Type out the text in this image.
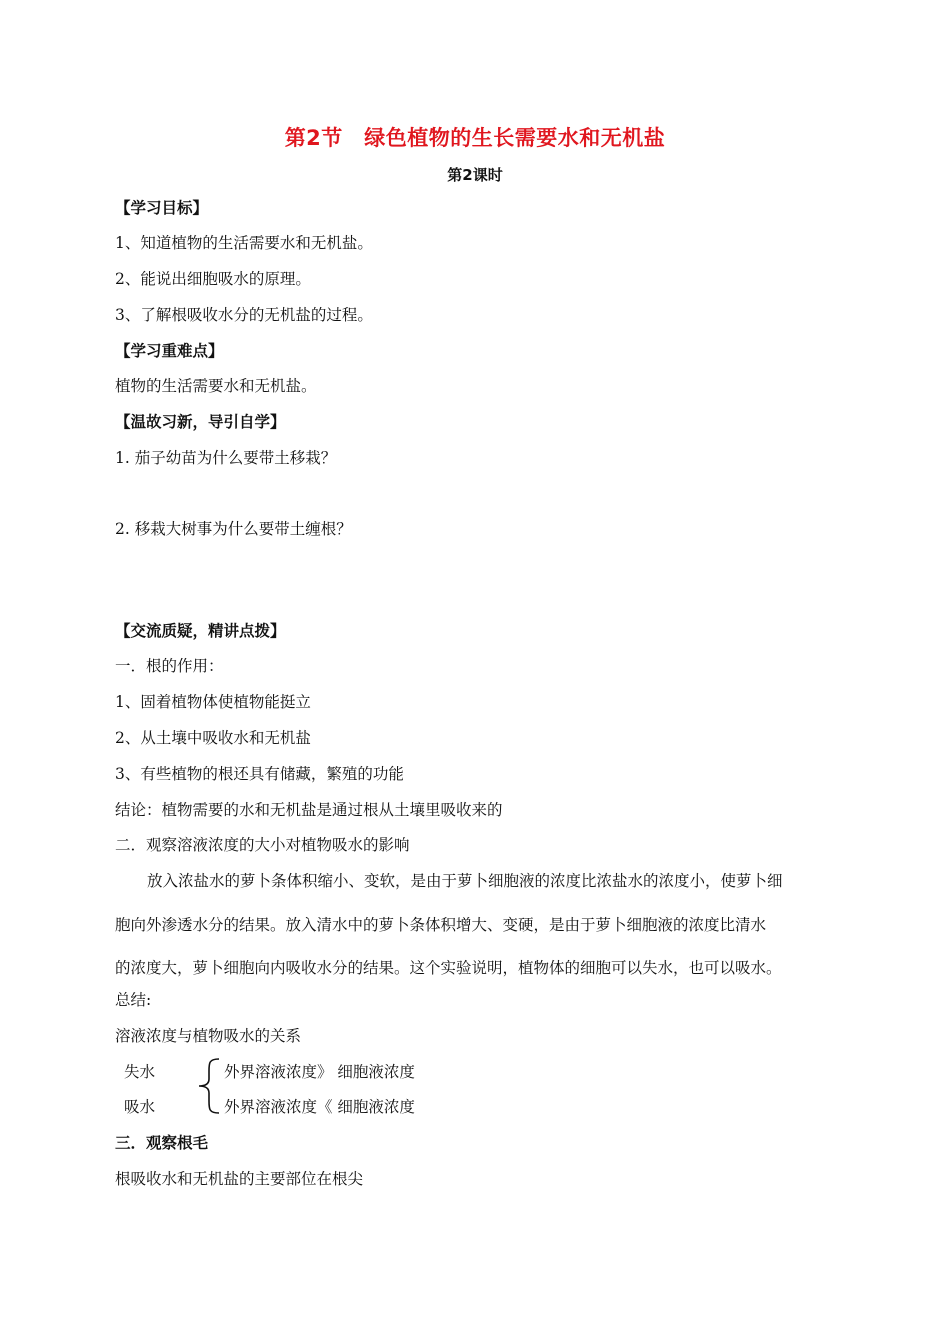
第2节　绿色植物的生长需要水和无机盐
第2课时
【学习目标】
1、知道植物的生活需要水和无机盐。
2、能说出细胞吸水的原理。
3、了解根吸收水分的无机盐的过程。
【学习重难点】
植物的生活需要水和无机盐。
【温故习新，导引自学】
1. 茄子幼苗为什么要带土移栽？
2. 移栽大树事为什么要带土缠根？
【交流质疑，精讲点拨】
一．根的作用：
1、固着植物体使植物能挺立
2、从土壤中吸收水和无机盐
3、有些植物的根还具有储藏，繁殖的功能
结论：植物需要的水和无机盐是通过根从土壤里吸收来的
二．观察溶液浓度的大小对植物吸水的影响
放入浓盐水的萝卜条体积缩小、变软，是由于萝卜细胞液的浓度比浓盐水的浓度小，使萝卜细
胞向外渗透水分的结果。放入清水中的萝卜条体积增大、变硬，是由于萝卜细胞液的浓度比清水
的浓度大，萝卜细胞向内吸收水分的结果。这个实验说明，植物体的细胞可以失水，也可以吸水。
总结:
溶液浓度与植物吸水的关系
失水
吸水
外界溶液浓度》 细胞液浓度
外界溶液浓度《 细胞液浓度
三．观察根毛
根吸收水和无机盐的主要部位在根尖
